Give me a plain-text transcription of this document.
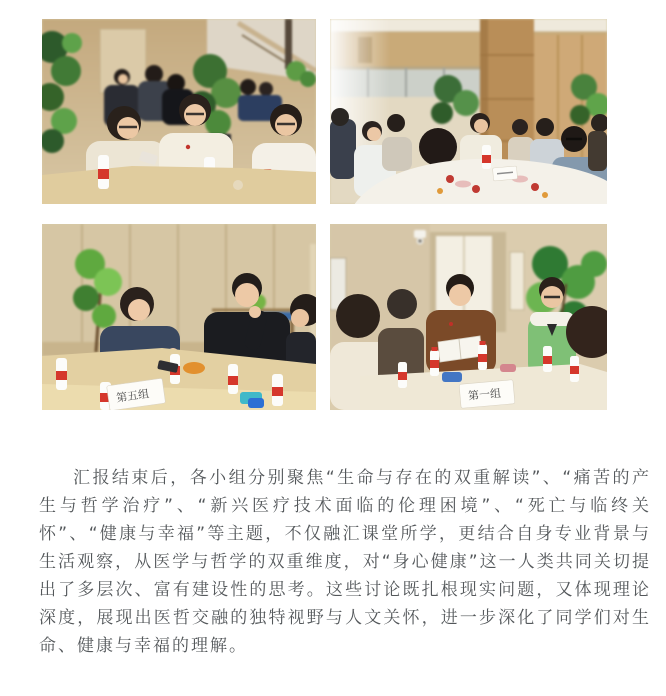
第五组	第一组

汇报结束后，各小组分别聚焦“生命与存在的双重解读”、“痛苦的产生与哲学治疗”、“新兴医疗技术面临的伦理困境”、“死亡与临终关怀”、“健康与幸福”等主题，不仅融汇课堂所学，更结合自身专业背景与生活观察，从医学与哲学的双重维度，对“身心健康”这一人类共同关切提出了多层次、富有建设性的思考。这些讨论既扎根现实问题，又体现理论深度，展现出医哲交融的独特视野与人文关怀，进一步深化了同学们对生命、健康与幸福的理解。
